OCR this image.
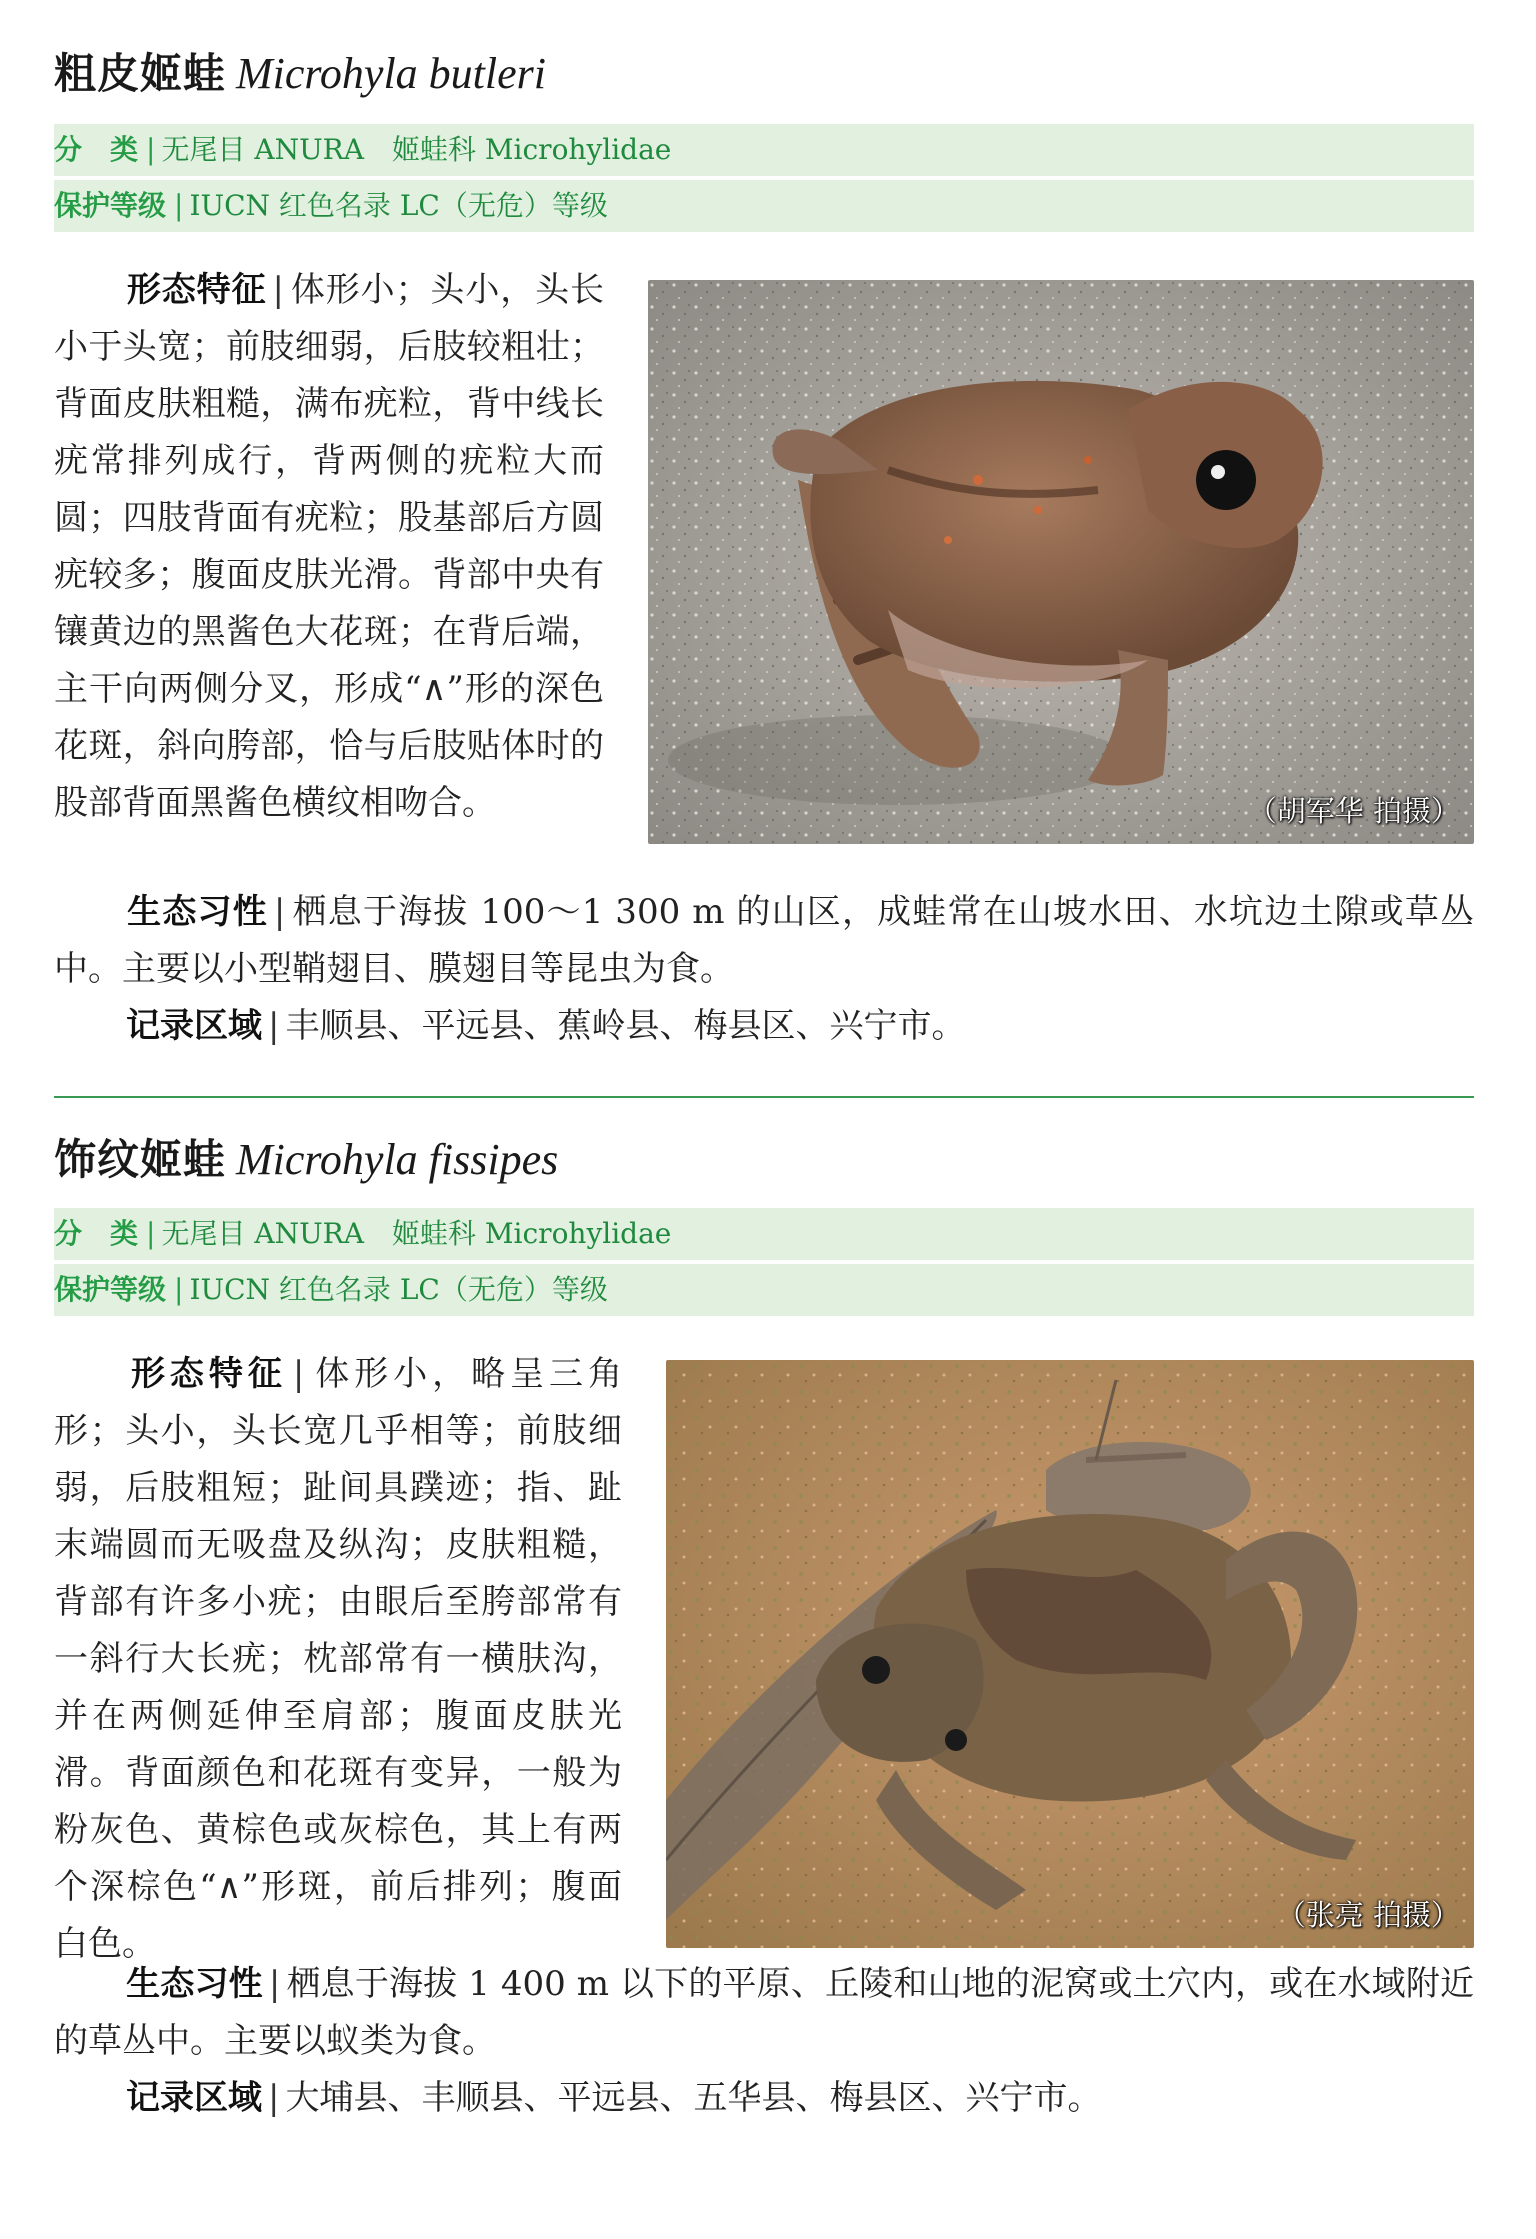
粗皮姬蛙 Microhyla butleri
分　类 | 无尾目 ANURA　姬蛙科 Microhylidae
保护等级 | IUCN 红色名录 LC（无危）等级
（胡军华 拍摄）

形态特征 | 体形小；头小，头长小于头宽；前肢细弱，后肢较粗壮；背面皮肤粗糙，满布疣粒，背中线长疣常排列成行，背两侧的疣粒大而圆；四肢背面有疣粒；股基部后方圆疣较多；腹面皮肤光滑。背部中央有镶黄边的黑酱色大花斑；在背后端，主干向两侧分叉，形成“∧”形的深色花斑，斜向胯部，恰与后肢贴体时的股部背面黑酱色横纹相吻合。

生态习性 | 栖息于海拔 100～1 300 m 的山区，成蛙常在山坡水田、水坑边土隙或草丛中。主要以小型鞘翅目、膜翅目等昆虫为食。

记录区域 | 丰顺县、平远县、蕉岭县、梅县区、兴宁市。

饰纹姬蛙 Microhyla fissipes
分　类 | 无尾目 ANURA　姬蛙科 Microhylidae
保护等级 | IUCN 红色名录 LC（无危）等级
（张亮 拍摄）

形态特征 | 体形小，略呈三角形；头小，头长宽几乎相等；前肢细弱，后肢粗短；趾间具蹼迹；指、趾末端圆而无吸盘及纵沟；皮肤粗糙，背部有许多小疣；由眼后至胯部常有一斜行大长疣；枕部常有一横肤沟，并在两侧延伸至肩部；腹面皮肤光滑。背面颜色和花斑有变异，一般为粉灰色、黄棕色或灰棕色，其上有两个深棕色“∧”形斑，前后排列；腹面白色。

生态习性 | 栖息于海拔 1 400 m 以下的平原、丘陵和山地的泥窝或土穴内，或在水域附近的草丛中。主要以蚁类为食。

记录区域 | 大埔县、丰顺县、平远县、五华县、梅县区、兴宁市。
